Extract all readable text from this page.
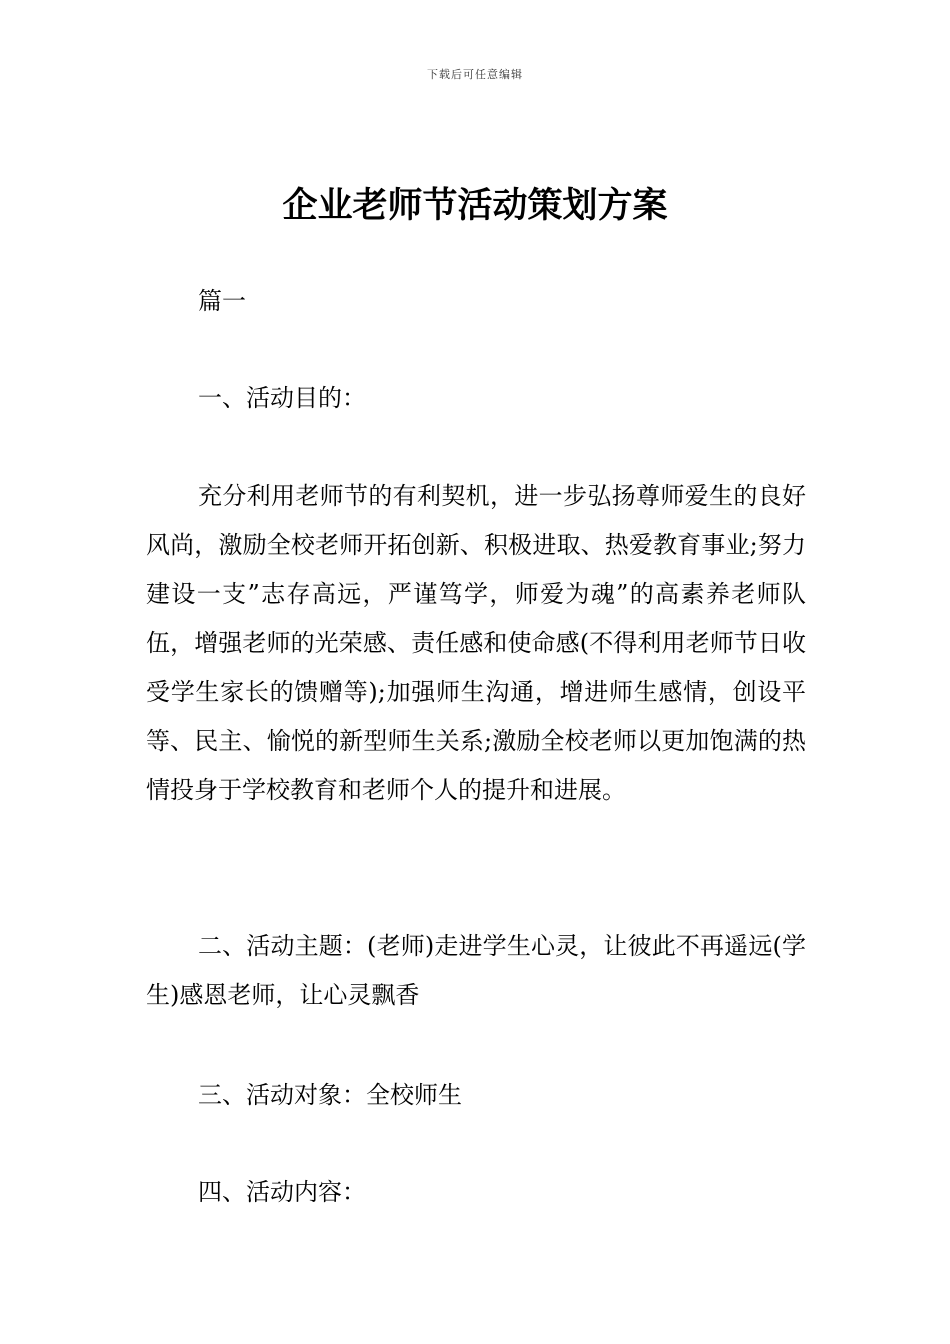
下载后可任意编辑
企业老师节活动策划方案

篇一

一、活动目的：

充分利用老师节的有利契机，进一步弘扬尊师爱生的良好风尚，激励全校老师开拓创新、积极进取、热爱教育事业;努力建设一支”志存高远，严谨笃学，师爱为魂”的高素养老师队伍，增强老师的光荣感、责任感和使命感(不得利用老师节日收受学生家长的馈赠等);加强师生沟通，增进师生感情，创设平等、民主、愉悦的新型师生关系;激励全校老师以更加饱满的热情投身于学校教育和老师个人的提升和进展。

二、活动主题：(老师)走进学生心灵，让彼此不再遥远(学生)感恩老师，让心灵飘香

三、活动对象：全校师生

四、活动内容：
